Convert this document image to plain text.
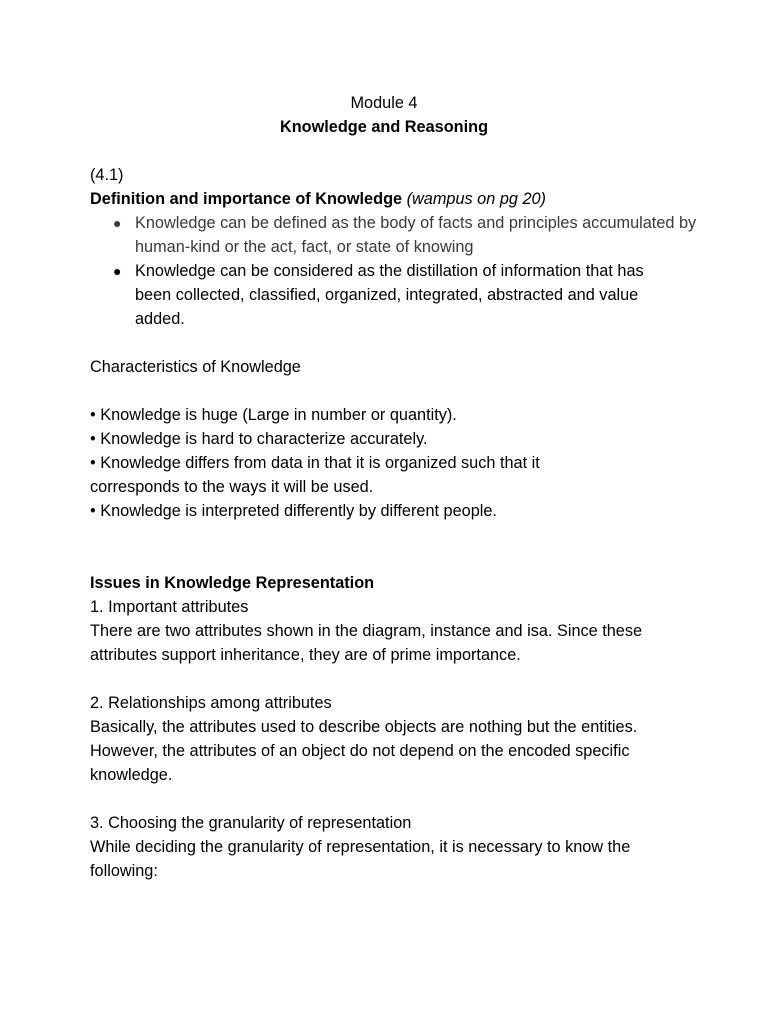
Module 4
Knowledge and Reasoning
(4.1)
Definition and importance of Knowledge (wampus on pg 20)
● Knowledge can be defined as the body of facts and principles accumulated by human-kind or the act, fact, or state of knowing
● Knowledge can be considered as the distillation of information that has been collected, classified, organized, integrated, abstracted and value added.
Characteristics of Knowledge

• Knowledge is huge (Large in number or quantity).

• Knowledge is hard to characterize accurately.

• Knowledge differs from data in that it is organized such that it corresponds to the ways it will be used.

• Knowledge is interpreted differently by different people.

Issues in Knowledge Representation

1. Important attributes

There are two attributes shown in the diagram, instance and isa. Since these attributes support inheritance, they are of prime importance.

2. Relationships among attributes

Basically, the attributes used to describe objects are nothing but the entities. However, the attributes of an object do not depend on the encoded specific knowledge.

3. Choosing the granularity of representation

While deciding the granularity of representation, it is necessary to know the following:
